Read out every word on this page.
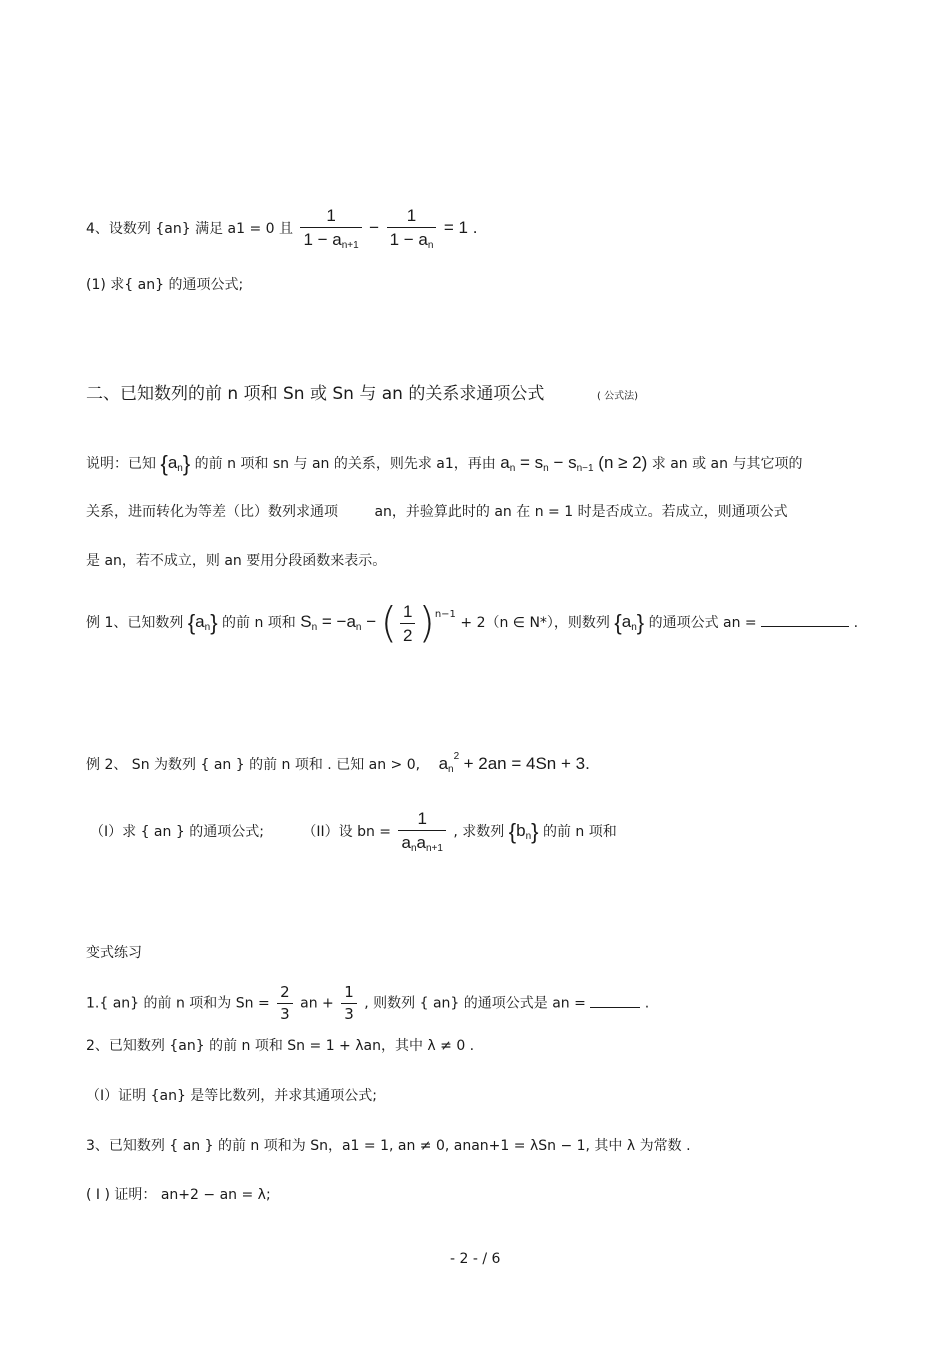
4、设数列 {an} 满足 a1 = 0 且 $\frac{1}{1 - an+1} - \frac{1}{1 - an} = 1$ .
(1) 求{ an} 的通项公式;
二、已知数列的前 n 项和 Sn 或 Sn 与 an 的关系求通项公式	( 公式法)
说明：已知 {an} 的前 n 项和 sn 与 an 的关系，则先求 a1，再由 an = sn − sn−1 (n ≥ 2) 求 an 或 an 与其它项的
关系，进而转化为等差（比）数列求通项	an，并验算此时的 an 在 n = 1 时是否成立。若成立，则通项公式
是 an，若不成立，则 an 要用分段函数来表示。
例 1、已知数列 {an} 的前 n 项和 Sn = −an − ( $\frac{1}{2} )^{n-1} + 2(n$ ∈ N*），则数列 {an} 的通项公式 an =	.
例 2、 Sn 为数列 { an } 的前 n 项和 . 已知 an > 0, $an^2 + 2an = 4Sn + 3$.
（I）求 { an } 的通项公式;	（II）设 bn = $\frac{1}{\text{anan+1}}$ , 求数列 {bn} 的前 n 项和
变式练习
1.{ an} 的前 n 项和为 $Sn = \frac{2}{3}$ an + $\frac{1}{3}$ , 则数列 { an} 的通项公式是 an =	.
2、已知数列 {an} 的前 n 项和 Sn = 1 + λan，其中 λ ≠ 0 .
（I）证明 {an} 是等比数列，并求其通项公式;
3、已知数列 { an } 的前 n 项和为 Sn，a1 = 1, an ≠ 0, anan+1 = λSn − 1, 其中 λ 为常数 .
( I ) 证明： an+2 − an = λ;
- 2 - / 6
